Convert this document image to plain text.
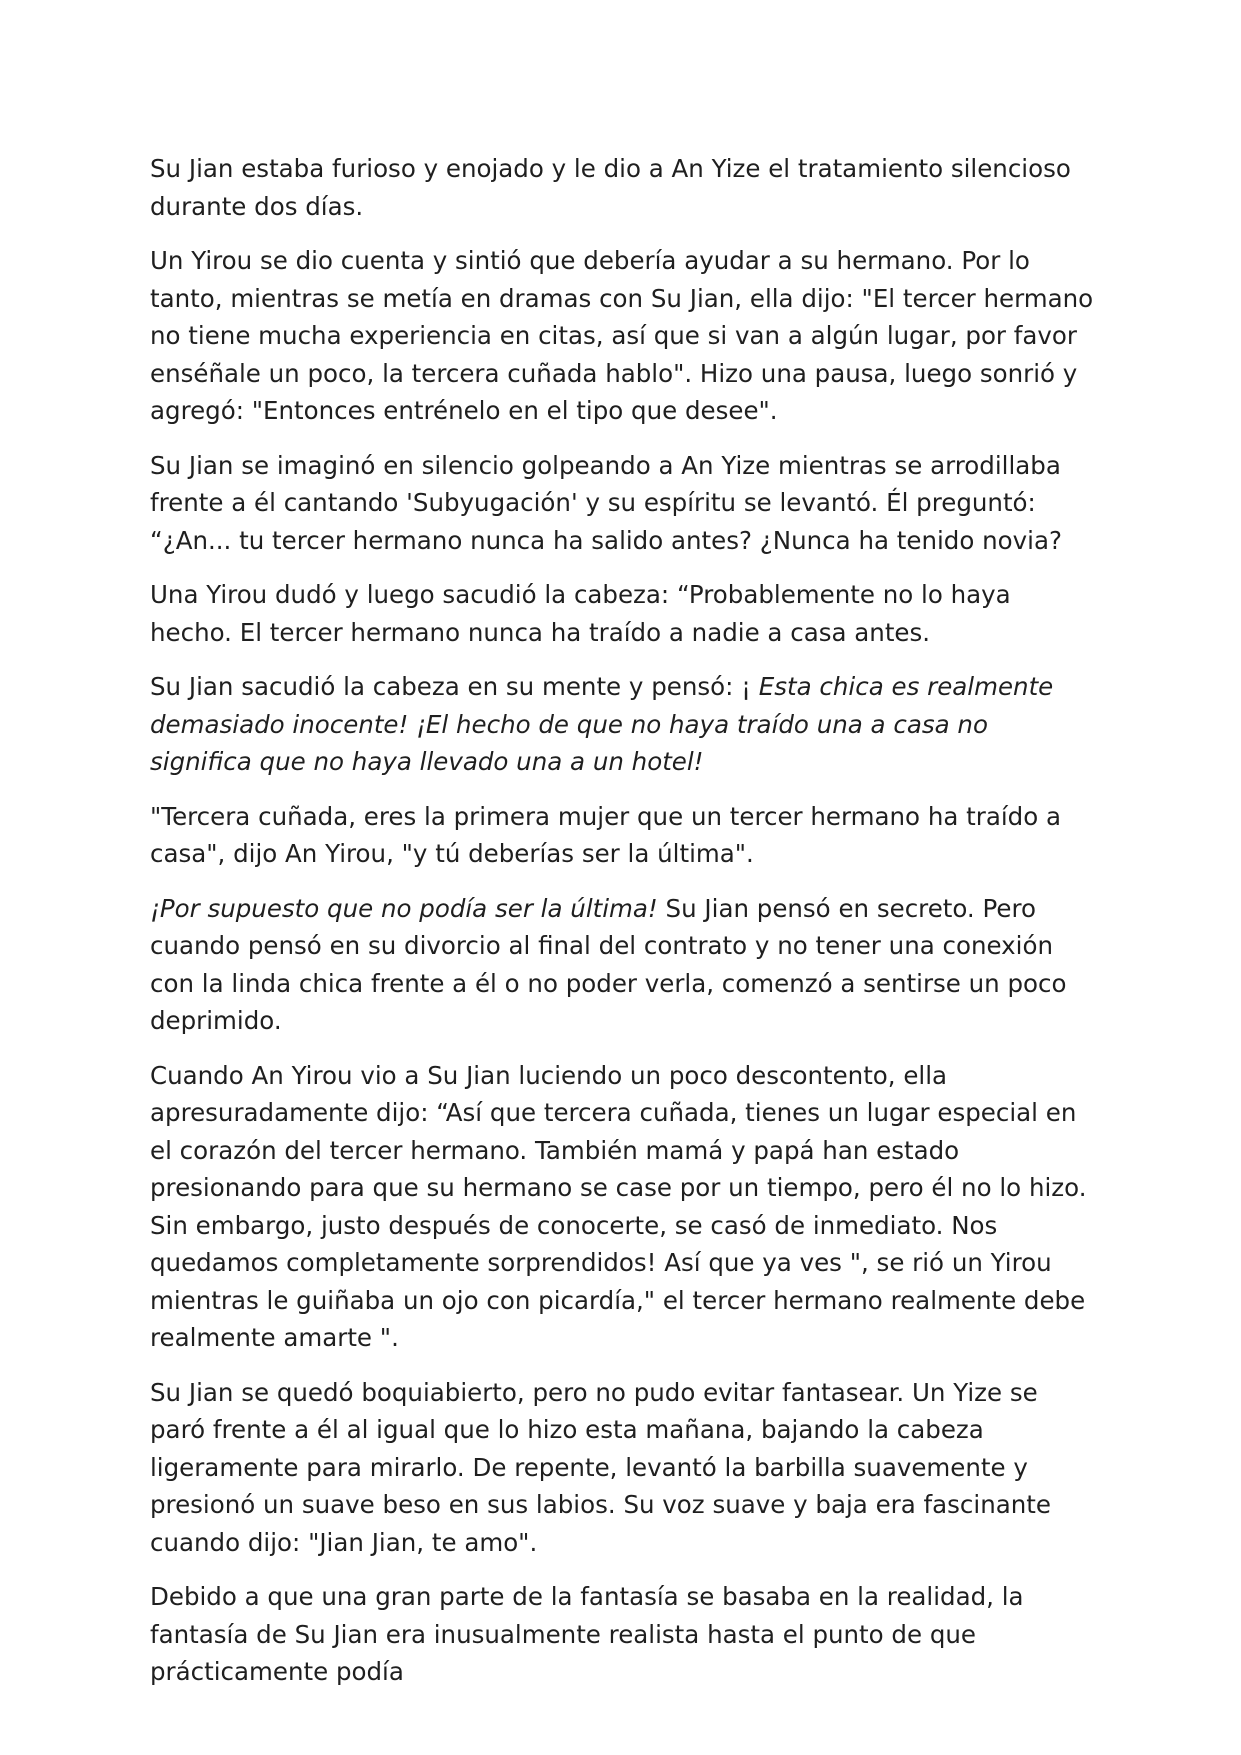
Su Jian estaba furioso y enojado y le dio a An Yize el tratamiento silencioso durante dos días.

Un Yirou se dio cuenta y sintió que debería ayudar a su hermano. Por lo tanto, mientras se metía en dramas con Su Jian, ella dijo: "El tercer hermano no tiene mucha experiencia en citas, así que si van a algún lugar, por favor enséñale un poco, la tercera cuñada hablo". Hizo una pausa, luego sonrió y agregó: "Entonces entrénelo en el tipo que desee".

Su Jian se imaginó en silencio golpeando a An Yize mientras se arrodillaba frente a él cantando 'Subyugación' y su espíritu se levantó. Él preguntó: “¿An... tu tercer hermano nunca ha salido antes? ¿Nunca ha tenido novia?

Una Yirou dudó y luego sacudió la cabeza: “Probablemente no lo haya hecho. El tercer hermano nunca ha traído a nadie a casa antes.

Su Jian sacudió la cabeza en su mente y pensó: ¡ Esta chica es realmente demasiado inocente! ¡El hecho de que no haya traído una a casa no significa que no haya llevado una a un hotel!

"Tercera cuñada, eres la primera mujer que un tercer hermano ha traído a casa", dijo An Yirou, "y tú deberías ser la última".

¡Por supuesto que no podía ser la última! Su Jian pensó en secreto. Pero cuando pensó en su divorcio al final del contrato y no tener una conexión con la linda chica frente a él o no poder verla, comenzó a sentirse un poco deprimido.

Cuando An Yirou vio a Su Jian luciendo un poco descontento, ella apresuradamente dijo: “Así que tercera cuñada, tienes un lugar especial en el corazón del tercer hermano. También mamá y papá han estado presionando para que su hermano se case por un tiempo, pero él no lo hizo. Sin embargo, justo después de conocerte, se casó de inmediato. Nos quedamos completamente sorprendidos! Así que ya ves ", se rió un Yirou mientras le guiñaba un ojo con picardía," el tercer hermano realmente debe realmente amarte ".

Su Jian se quedó boquiabierto, pero no pudo evitar fantasear. Un Yize se paró frente a él al igual que lo hizo esta mañana, bajando la cabeza ligeramente para mirarlo. De repente, levantó la barbilla suavemente y presionó un suave beso en sus labios. Su voz suave y baja era fascinante cuando dijo: "Jian Jian, te amo".

Debido a que una gran parte de la fantasía se basaba en la realidad, la fantasía de Su Jian era inusualmente realista hasta el punto de que prácticamente podía
